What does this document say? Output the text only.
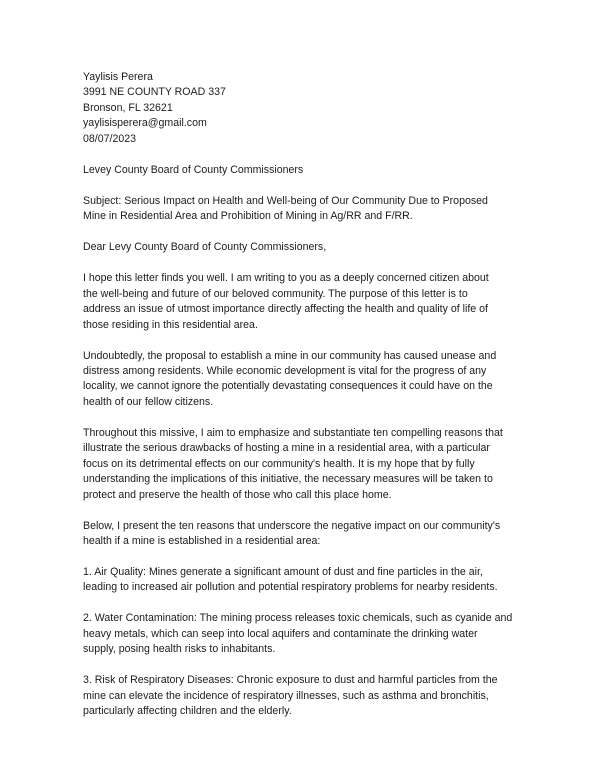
Yaylisis Perera
3991 NE COUNTY ROAD 337
Bronson, FL 32621
yaylisisperera@gmail.com
08/07/2023
Levey County Board of County Commissioners
Subject: Serious Impact on Health and Well-being of Our Community Due to Proposed
Mine in Residential Area and Prohibition of Mining in Ag/RR and F/RR.
Dear Levy County Board of County Commissioners,
I hope this letter finds you well. I am writing to you as a deeply concerned citizen about
the well-being and future of our beloved community. The purpose of this letter is to
address an issue of utmost importance directly affecting the health and quality of life of
those residing in this residential area.
Undoubtedly, the proposal to establish a mine in our community has caused unease and
distress among residents. While economic development is vital for the progress of any
locality, we cannot ignore the potentially devastating consequences it could have on the
health of our fellow citizens.
Throughout this missive, I aim to emphasize and substantiate ten compelling reasons that
illustrate the serious drawbacks of hosting a mine in a residential area, with a particular
focus on its detrimental effects on our community's health. It is my hope that by fully
understanding the implications of this initiative, the necessary measures will be taken to
protect and preserve the health of those who call this place home.
Below, I present the ten reasons that underscore the negative impact on our community's
health if a mine is established in a residential area:
1. Air Quality: Mines generate a significant amount of dust and fine particles in the air,
leading to increased air pollution and potential respiratory problems for nearby residents.
2. Water Contamination: The mining process releases toxic chemicals, such as cyanide and
heavy metals, which can seep into local aquifers and contaminate the drinking water
supply, posing health risks to inhabitants.
3. Risk of Respiratory Diseases: Chronic exposure to dust and harmful particles from the
mine can elevate the incidence of respiratory illnesses, such as asthma and bronchitis,
particularly affecting children and the elderly.
